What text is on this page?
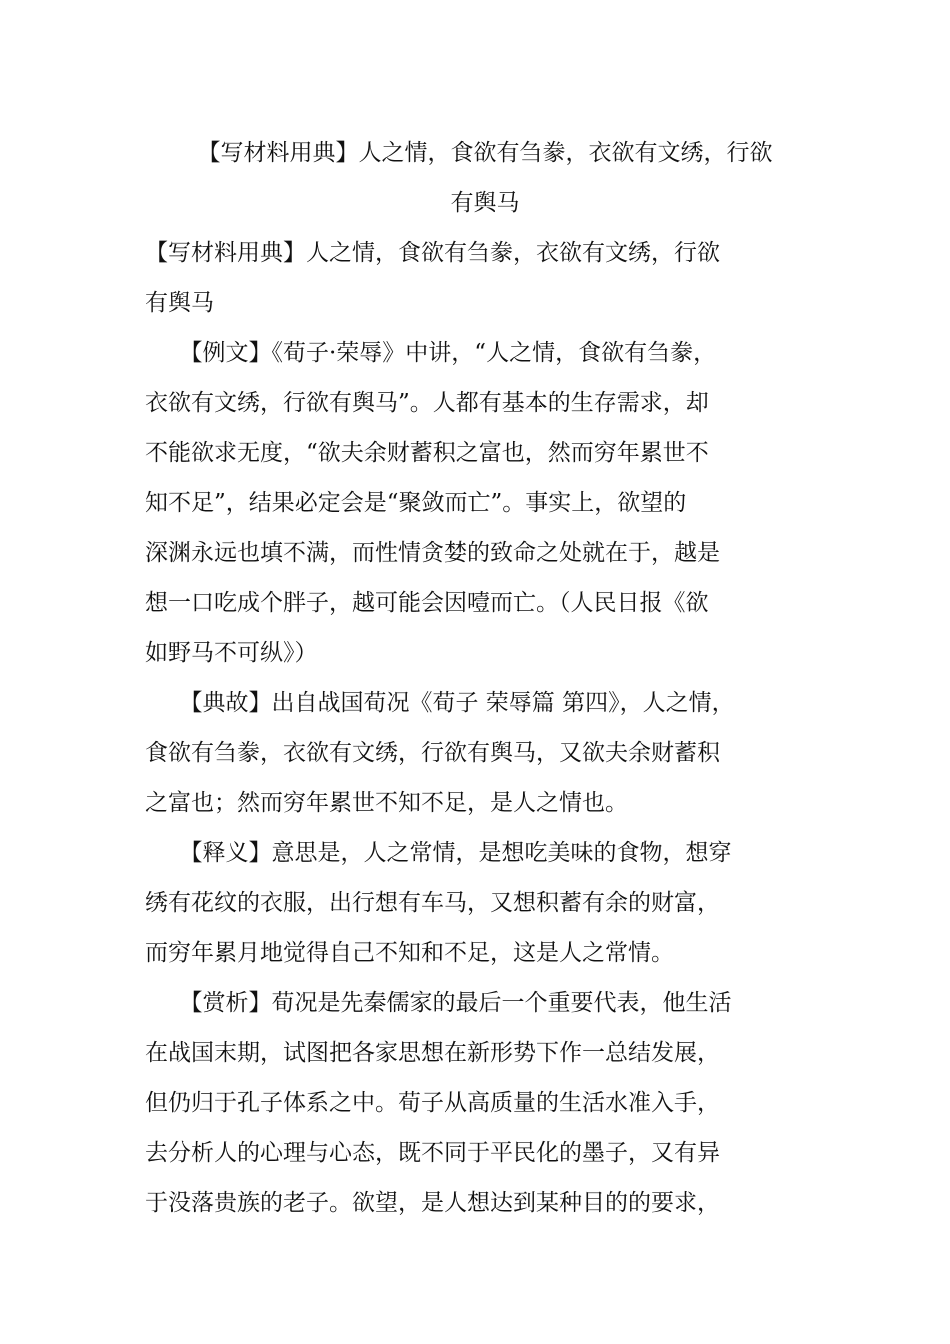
【写材料用典】人之情，食欲有刍豢，衣欲有文绣，行欲
有舆马
【写材料用典】人之情，食欲有刍豢，衣欲有文绣，行欲
有舆马
　　【例文】《荀子·荣辱》中讲，“人之情，食欲有刍豢，
衣欲有文绣，行欲有舆马”。人都有基本的生存需求，却
不能欲求无度，“欲夫余财蓄积之富也，然而穷年累世不
知不足”，结果必定会是“聚敛而亡”。事实上，欲望的
深渊永远也填不满，而性情贪婪的致命之处就在于，越是
想一口吃成个胖子，越可能会因噎而亡。（人民日报《欲
如野马不可纵》）
　　【典故】出自战国荀况《荀子 荣辱篇 第四》，人之情，
食欲有刍豢，衣欲有文绣，行欲有舆马，又欲夫余财蓄积
之富也；然而穷年累世不知不足，是人之情也。
　　【释义】意思是，人之常情，是想吃美味的食物，想穿
绣有花纹的衣服，出行想有车马，又想积蓄有余的财富，
而穷年累月地觉得自己不知和不足，这是人之常情。
　　【赏析】荀况是先秦儒家的最后一个重要代表，他生活
在战国末期，试图把各家思想在新形势下作一总结发展，
但仍归于孔子体系之中。荀子从高质量的生活水准入手，
去分析人的心理与心态，既不同于平民化的墨子，又有异
于没落贵族的老子。欲望，是人想达到某种目的的要求，
